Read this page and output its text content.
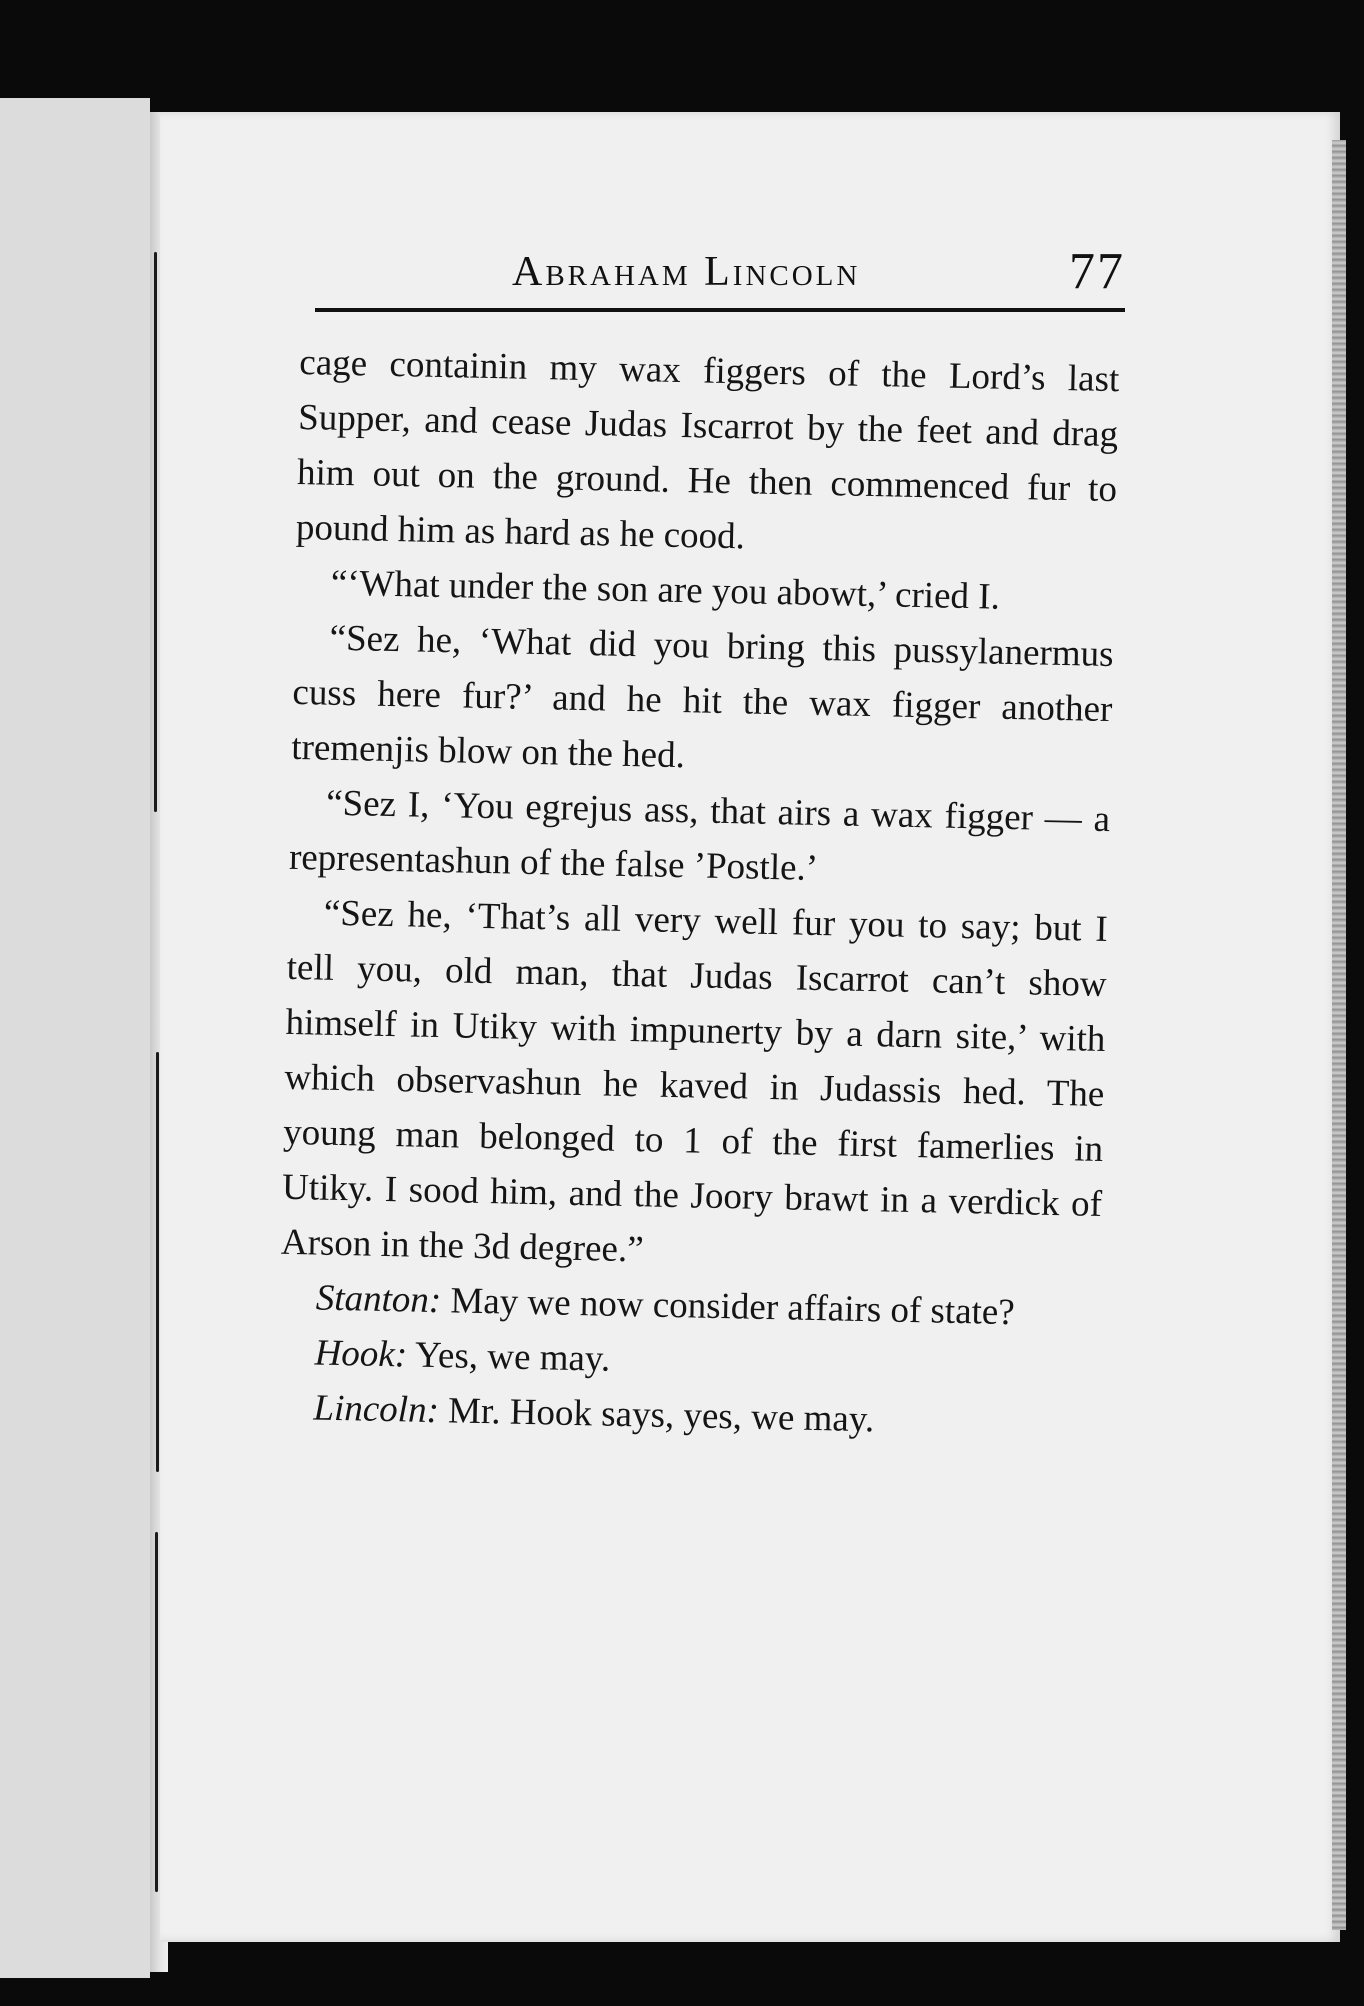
Abraham Lincoln	77

cage containin my wax figgers of the Lord’s last Supper, and cease Judas Iscarrot by the feet and drag him out on the ground. He then commenced fur to pound him as hard as he cood.

“‘What under the son are you abowt,’ cried I.

“Sez he, ‘What did you bring this pussylanermus cuss here fur?’ and he hit the wax figger another tremenjis blow on the hed.

“Sez I, ‘You egrejus ass, that airs a wax figger — a representashun of the false ’Postle.’

“Sez he, ‘That’s all very well fur you to say; but I tell you, old man, that Judas Iscarrot can’t show himself in Utiky with impunerty by a darn site,’ with which observashun he kaved in Judassis hed. The young man belonged to 1 of the first famerlies in Utiky. I sood him, and the Joory brawt in a verdick of Arson in the 3d degree.”

Stanton: May we now consider affairs of state?

Hook: Yes, we may.

Lincoln: Mr. Hook says, yes, we may.
